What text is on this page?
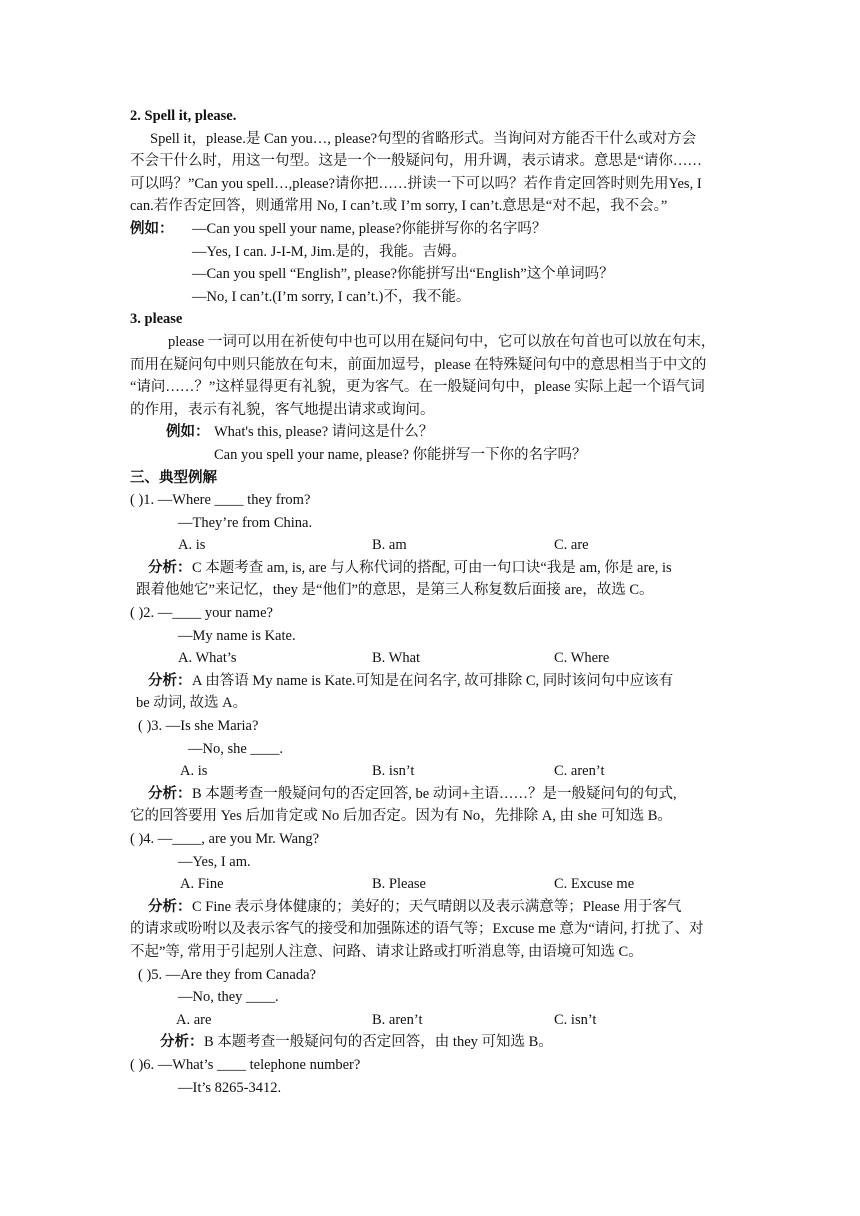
2. Spell it, please.
Spell it，please.是 Can you…, please?句型的省略形式。当询问对方能否干什么或对方会
不会干什么时，用这一句型。这是一个一般疑问句，用升调，表示请求。意思是“请你……
可以吗？”Can you spell…,please?请你把……拼读一下可以吗？若作肯定回答时则先用Yes, I
can.若作否定回答，则通常用 No, I can’t.或 I’m sorry, I can’t.意思是“对不起，我不会。”
例如： —Can you spell your name, please?你能拼写你的名字吗？
—Yes, I can. J-I-M, Jim.是的，我能。吉姆。
—Can you spell “English”, please?你能拼写出“English”这个单词吗？
—No, I can’t.(I’m sorry, I can’t.)不，我不能。
3. please
please 一词可以用在祈使句中也可以用在疑问句中，它可以放在句首也可以放在句末，
而用在疑问句中则只能放在句末，前面加逗号，please 在特殊疑问句中的意思相当于中文的
“请问……？”这样显得更有礼貌，更为客气。在一般疑问句中，please 实际上起一个语气词
的作用，表示有礼貌，客气地提出请求或询问。
例如： What's this, please? 请问这是什么？
Can you spell your name, please? 你能拼写一下你的名字吗？
三、典型例解
( )1. —Where ____ they from?
—They’re from China.
A. is	B. am	C. are
分析： C 本题考查 am, is, are 与人称代词的搭配, 可由一句口诀“我是 am, 你是 are, is
跟着他她它”来记忆，they 是“他们”的意思，是第三人称复数后面接 are，故选 C。
( )2. —____ your name?
—My name is Kate.
A. What’s	B. What	C. Where
分析： A 由答语 My name is Kate.可知是在问名字, 故可排除 C, 同时该问句中应该有
be 动词, 故选 A。
( )3. —Is she Maria?
—No, she ____.
A. is	B. isn’t	C. aren’t
分析： B 本题考查一般疑问句的否定回答, be 动词+主语……？是一般疑问句的句式,
它的回答要用 Yes 后加肯定或 No 后加否定。因为有 No，先排除 A, 由 she 可知选 B。
( )4. —____, are you Mr. Wang?
—Yes, I am.
A. Fine	B. Please	C. Excuse me
分析： C Fine 表示身体健康的；美好的；天气晴朗以及表示满意等；Please 用于客气
的请求或吩咐以及表示客气的接受和加强陈述的语气等；Excuse me 意为“请问, 打扰了、对
不起”等, 常用于引起别人注意、问路、请求让路或打听消息等, 由语境可知选 C。
( )5. —Are they from Canada?
—No, they ____.
A. are	B. aren’t	C. isn’t
分析： B 本题考查一般疑问句的否定回答，由 they 可知选 B。
( )6. —What’s ____ telephone number?
—It’s 8265-3412.
